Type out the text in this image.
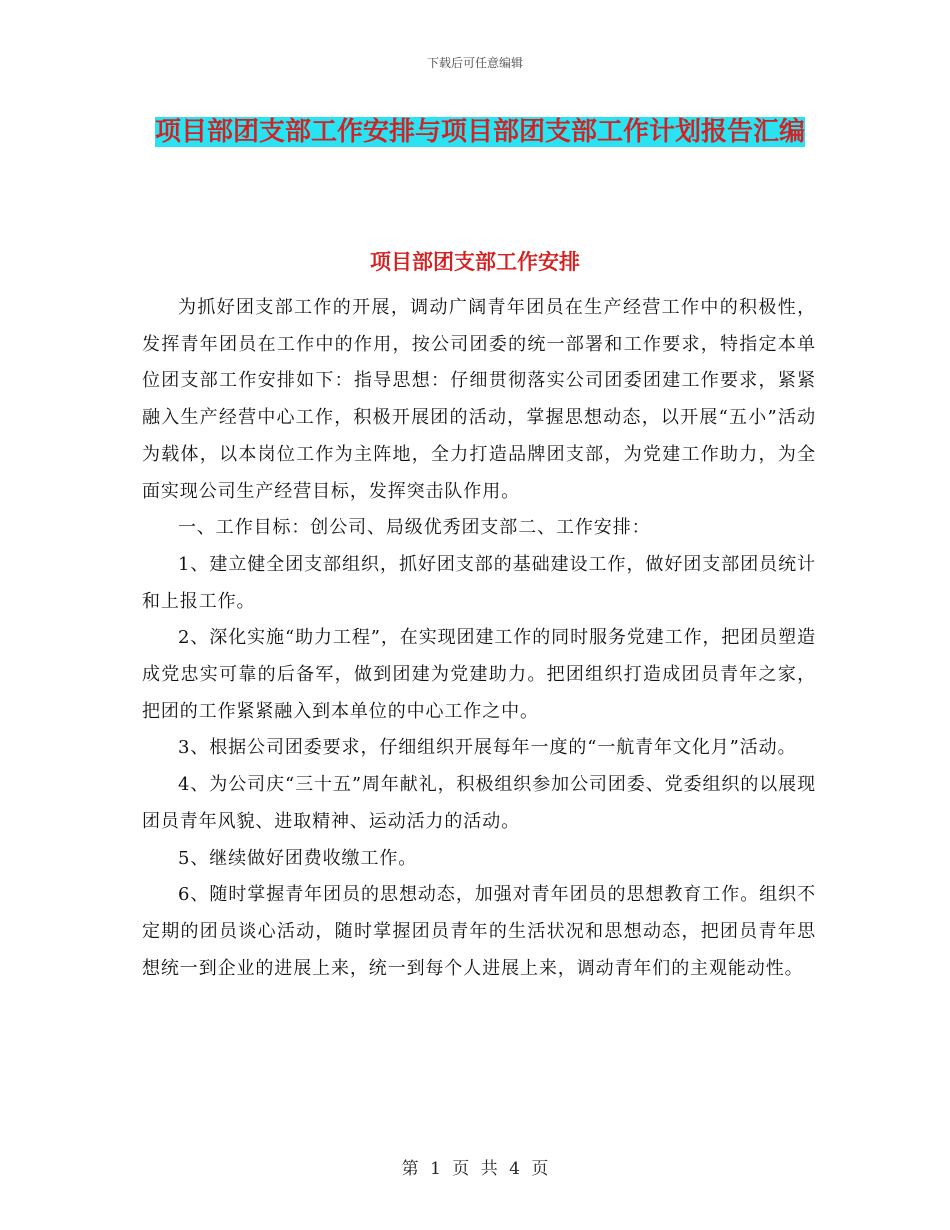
下载后可任意编辑
项目部团支部工作安排与项目部团支部工作计划报告汇编
项目部团支部工作安排

为抓好团支部工作的开展，调动广阔青年团员在生产经营工作中的积极性，发挥青年团员在工作中的作用，按公司团委的统一部署和工作要求，特指定本单位团支部工作安排如下：指导思想：仔细贯彻落实公司团委团建工作要求，紧紧融入生产经营中心工作，积极开展团的活动，掌握思想动态，以开展“五小”活动为载体，以本岗位工作为主阵地，全力打造品牌团支部，为党建工作助力，为全面实现公司生产经营目标，发挥突击队作用。

一、工作目标：创公司、局级优秀团支部二、工作安排：

1、建立健全团支部组织，抓好团支部的基础建设工作，做好团支部团员统计和上报工作。

2、深化实施“助力工程”，在实现团建工作的同时服务党建工作，把团员塑造成党忠实可靠的后备军，做到团建为党建助力。把团组织打造成团员青年之家，把团的工作紧紧融入到本单位的中心工作之中。

3、根据公司团委要求，仔细组织开展每年一度的“一航青年文化月”活动。

4、为公司庆“三十五”周年献礼，积极组织参加公司团委、党委组织的以展现团员青年风貌、进取精神、运动活力的活动。

5、继续做好团费收缴工作。

6、随时掌握青年团员的思想动态，加强对青年团员的思想教育工作。组织不定期的团员谈心活动，随时掌握团员青年的生活状况和思想动态，把团员青年思想统一到企业的进展上来，统一到每个人进展上来，调动青年们的主观能动性。

第 1 页 共 4 页
